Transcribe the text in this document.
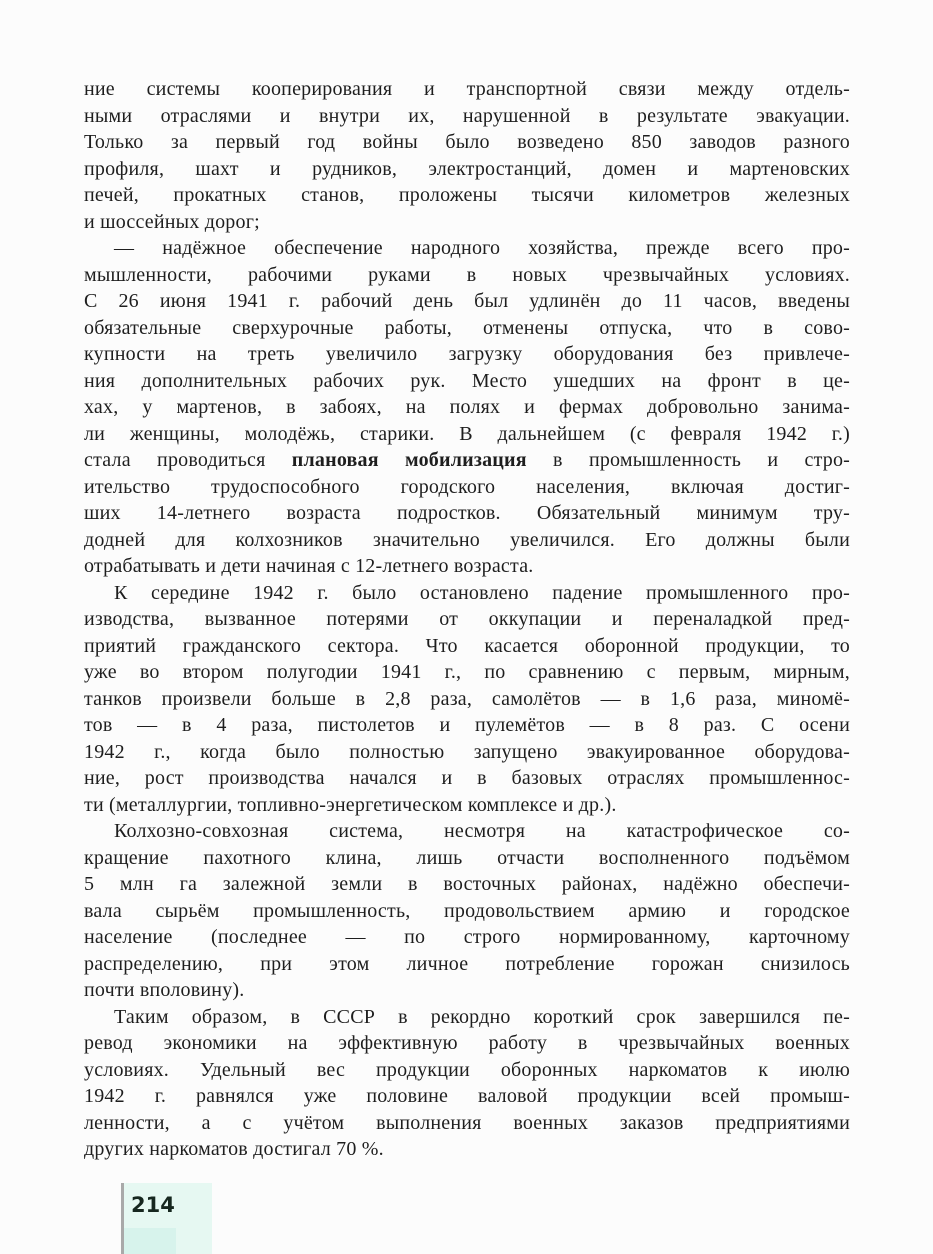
ние системы кооперирования и транспортной связи между отдель-
ными отраслями и внутри их, нарушенной в результате эвакуации.
Только за первый год войны было возведено 850 заводов разного
профиля, шахт и рудников, электростанций, домен и мартеновских
печей, прокатных станов, проложены тысячи километров железных
и шоссейных дорог;
— надёжное обеспечение народного хозяйства, прежде всего про-
мышленности, рабочими руками в новых чрезвычайных условиях.
С 26 июня 1941 г. рабочий день был удлинён до 11 часов, введены
обязательные сверхурочные работы, отменены отпуска, что в сово-
купности на треть увеличило загрузку оборудования без привлече-
ния дополнительных рабочих рук. Место ушедших на фронт в це-
хах, у мартенов, в забоях, на полях и фермах добровольно занима-
ли женщины, молодёжь, старики. В дальнейшем (с февраля 1942 г.)
стала проводиться плановая мобилизация в промышленность и стро-
ительство трудоспособного городского населения, включая достиг-
ших 14-летнего возраста подростков. Обязательный минимум тру-
додней для колхозников значительно увеличился. Его должны были
отрабатывать и дети начиная с 12-летнего возраста.
К середине 1942 г. было остановлено падение промышленного про-
изводства, вызванное потерями от оккупации и переналадкой пред-
приятий гражданского сектора. Что касается оборонной продукции, то
уже во втором полугодии 1941 г., по сравнению с первым, мирным,
танков произвели больше в 2,8 раза, самолётов — в 1,6 раза, миномё-
тов — в 4 раза, пистолетов и пулемётов — в 8 раз. С осени
1942 г., когда было полностью запущено эвакуированное оборудова-
ние, рост производства начался и в базовых отраслях промышленнос-
ти (металлургии, топливно-энергетическом комплексе и др.).
Колхозно-совхозная система, несмотря на катастрофическое со-
кращение пахотного клина, лишь отчасти восполненного подъёмом
5 млн га залежной земли в восточных районах, надёжно обеспечи-
вала сырьём промышленность, продовольствием армию и городское
население (последнее — по строго нормированному, карточному
распределению, при этом личное потребление горожан снизилось
почти вполовину).
Таким образом, в СССР в рекордно короткий срок завершился пе-
ревод экономики на эффективную работу в чрезвычайных военных
условиях. Удельный вес продукции оборонных наркоматов к июлю
1942 г. равнялся уже половине валовой продукции всей промыш-
ленности, а с учётом выполнения военных заказов предприятиями
других наркоматов достигал 70 %.
214
